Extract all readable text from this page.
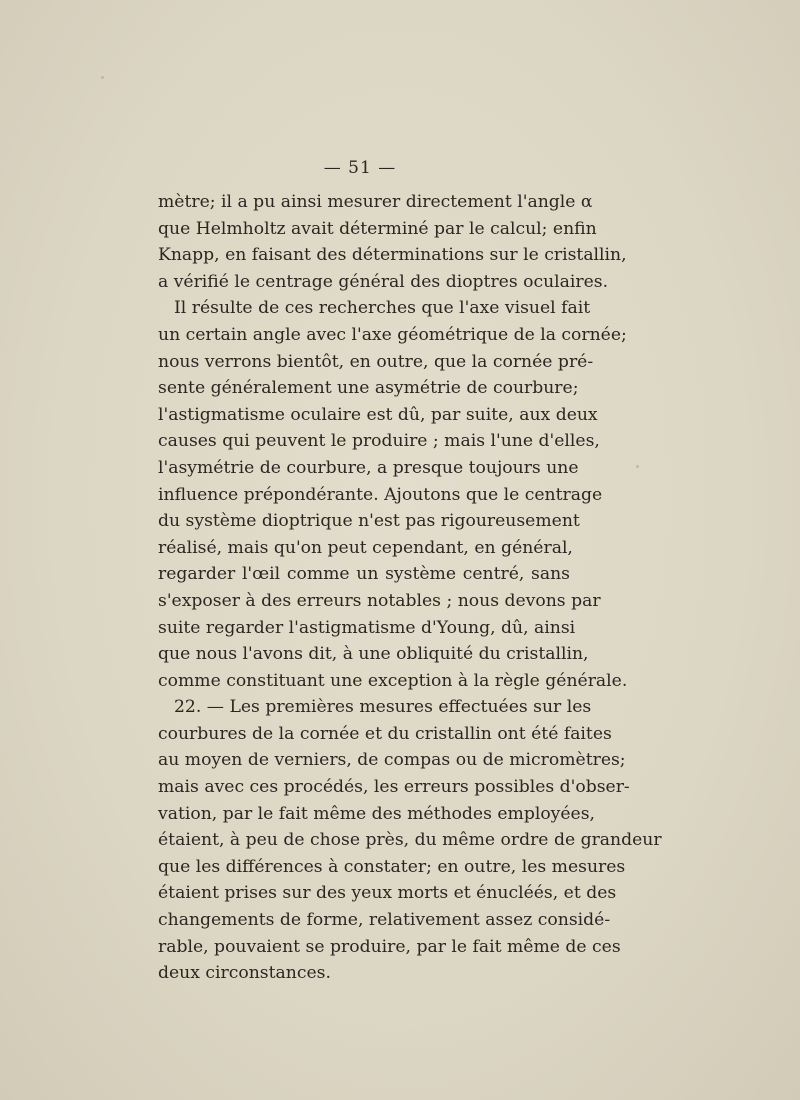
— 51 —
mètre; il a pu ainsi mesurer directement l'angle α
que Helmholtz avait déterminé par le calcul; enfin
Knapp, en faisant des déterminations sur le cristallin,
a vérifié le centrage général des dioptres oculaires.
Il résulte de ces recherches que l'axe visuel fait
un certain angle avec l'axe géométrique de la cornée;
nous verrons bientôt, en outre, que la cornée pré-
sente généralement une asymétrie de courbure;
l'astigmatisme oculaire est dû, par suite, aux deux
causes qui peuvent le produire ; mais l'une d'elles,
l'asymétrie de courbure, a presque toujours une
influence prépondérante. Ajoutons que le centrage
du système dioptrique n'est pas rigoureusement
réalisé, mais qu'on peut cependant, en général,
regarder l'œil comme un système centré, sans
s'exposer à des erreurs notables ; nous devons par
suite regarder l'astigmatisme d'Young, dû, ainsi
que nous l'avons dit, à une obliquité du cristallin,
comme constituant une exception à la règle générale.
22. — Les premières mesures effectuées sur les
courbures de la cornée et du cristallin ont été faites
au moyen de verniers, de compas ou de micromètres;
mais avec ces procédés, les erreurs possibles d'obser-
vation, par le fait même des méthodes employées,
étaient, à peu de chose près, du même ordre de grandeur
que les différences à constater; en outre, les mesures
étaient prises sur des yeux morts et énucléés, et des
changements de forme, relativement assez considé-
rable, pouvaient se produire, par le fait même de ces
deux circonstances.
